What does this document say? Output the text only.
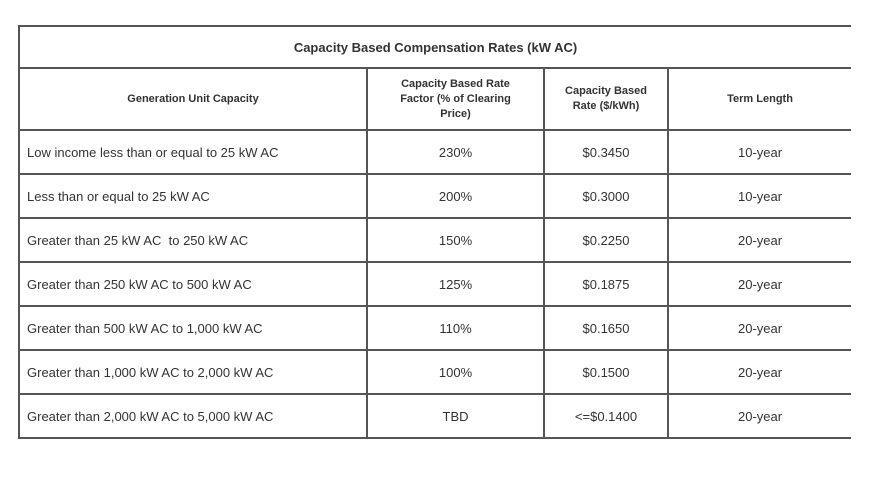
Capacity Based Compensation Rates (kW AC)			
Generation Unit Capacity	Capacity Based Rate Factor (% of Clearing Price)	Capacity Based Rate ($/kWh)	Term Length
Low income less than or equal to 25 kW AC	230%	$0.3450	10-year
Less than or equal to 25 kW AC	200%	$0.3000	10-year
Greater than 25 kW AC  to 250 kW AC	150%	$0.2250	20-year
Greater than 250 kW AC to 500 kW AC	125%	$0.1875	20-year
Greater than 500 kW AC to 1,000 kW AC	110%	$0.1650	20-year
Greater than 1,000 kW AC to 2,000 kW AC	100%	$0.1500	20-year
Greater than 2,000 kW AC to 5,000 kW AC	TBD	<=$0.1400	20-year
